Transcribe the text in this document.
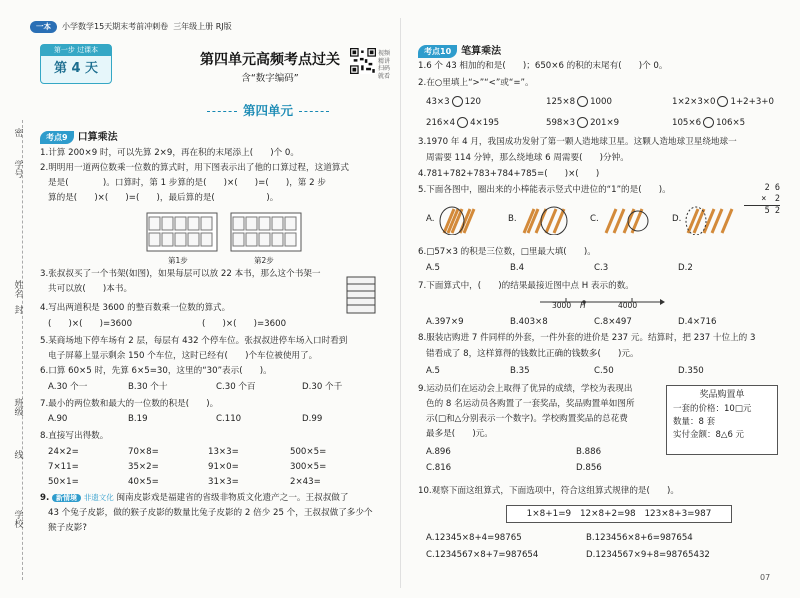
一本	小学数学15天期末考前冲刺卷 三年级上册 RJ版
学号
密
姓名
封
班级
线
学校
第一步 过课本
第 4 天
第四单元高频考点过关
含“数字编码”
视频精讲 扫码就看
第四单元
考点9	口算乘法
1.计算 200×9 时，可以先算 2×9，再在积的末尾添上(　　)个 0。
2.明明用一道两位数乘一位数的算式时，用下图表示出了他的口算过程，这道算式
是是(　　　　)。口算时，第 1 步算的是(　　)×(　　)=(　　)，第 2 步
算的是(　　)×(　　)=(　　)，最后算的是(　　　　　　)。
第1步	第2步
3.张叔叔买了一个书架(如图)，如果每层可以放 22 本书，那么这个书架一
共可以放(　　)本书。
4.写出两道积是 3600 的整百数乘一位数的算式。
(　　)×(　　)=3600	(　　)×(　　)=3600
5.某商场地下停车场有 2 层，每层有 432 个停车位。张叔叔进停车场入口时看到
电子屏幕上显示剩余 150 个车位，这时已经有(　　)个车位被使用了。
6.口算 60×5 时，先算 6×5=30，这里的“30”表示(　　)。
A.30 个一	B.30 个十	C.30 个百	D.30 个千
7.最小的两位数和最大的一位数的积是(　　)。
A.90	B.19	C.110	D.99
8.直接写出得数。
24×2=	70×8=	13×3=	500×5=
7×11=	35×2=	91×0=	300×5=
50×1=	40×5=	31×3=	2×43=
9. 新情境 非遗文化 闽南皮影戏是福建省的省级非物质文化遗产之一。王叔叔做了
43 个兔子皮影，做的猴子皮影的数量比兔子皮影的 2 倍少 25 个，王叔叔做了多少个
猴子皮影?
考点10	笔算乘法
1.6 个 43 相加的和是(　　)；650×6 的积的末尾有(　　)个 0。
2.在○里填上“>”“<”或“=”。
43×3 120	125×8 1000	1×2×3×0 1+2+3+0
216×4 4×195	598×3 201×9	105×6 106×5
3.1970 年 4 月，我国成功发射了第一颗人造地球卫星。这颗人造地球卫星绕地球一
周需要 114 分钟，那么绕地球 6 周需要(　　)分钟。
4.781+782+783+784+785=(　　)×(　　)
5.下面各图中，圈出来的小棒能表示竖式中进位的“1”的是(　　)。	2 6
×　2
5 2
A.	B.	C.	D.
6.□57×3 的积是三位数，□里最大填(　　)。
A.5	B.4	C.3	D.2
7.下面算式中，(　　)的结果最接近图中点 H 表示的数。
3000 H	4000
A.397×9	B.403×8	C.8×497	D.4×716
8.服装店购进 7 件同样的外套，一件外套的进价是 237 元。结算时，把 237 十位上的 3
错看成了 8，这样算得的钱数比正确的钱数多(　　)元。
A.5	B.35	C.50	D.350
9.运动员们在运动会上取得了优异的成绩，学校为表现出
色的 8 名运动员各购置了一套奖品，奖品购置单如图所
示(□和△分别表示一个数字)。学校购置奖品的总花费
最多是(　　)元。
A.896	B.886
C.816	D.856
奖品购置单
一套的价格：10□元
数量：8 套
实付金额：8△6 元
10.观察下面这组算式，下面选项中，符合这组算式规律的是(　　)。
1×8+1=9　12×8+2=98　123×8+3=987
A.12345×8+4=98765	B.123456×8+6=987654
C.1234567×8+7=987654	D.1234567×9+8=98765432
07
